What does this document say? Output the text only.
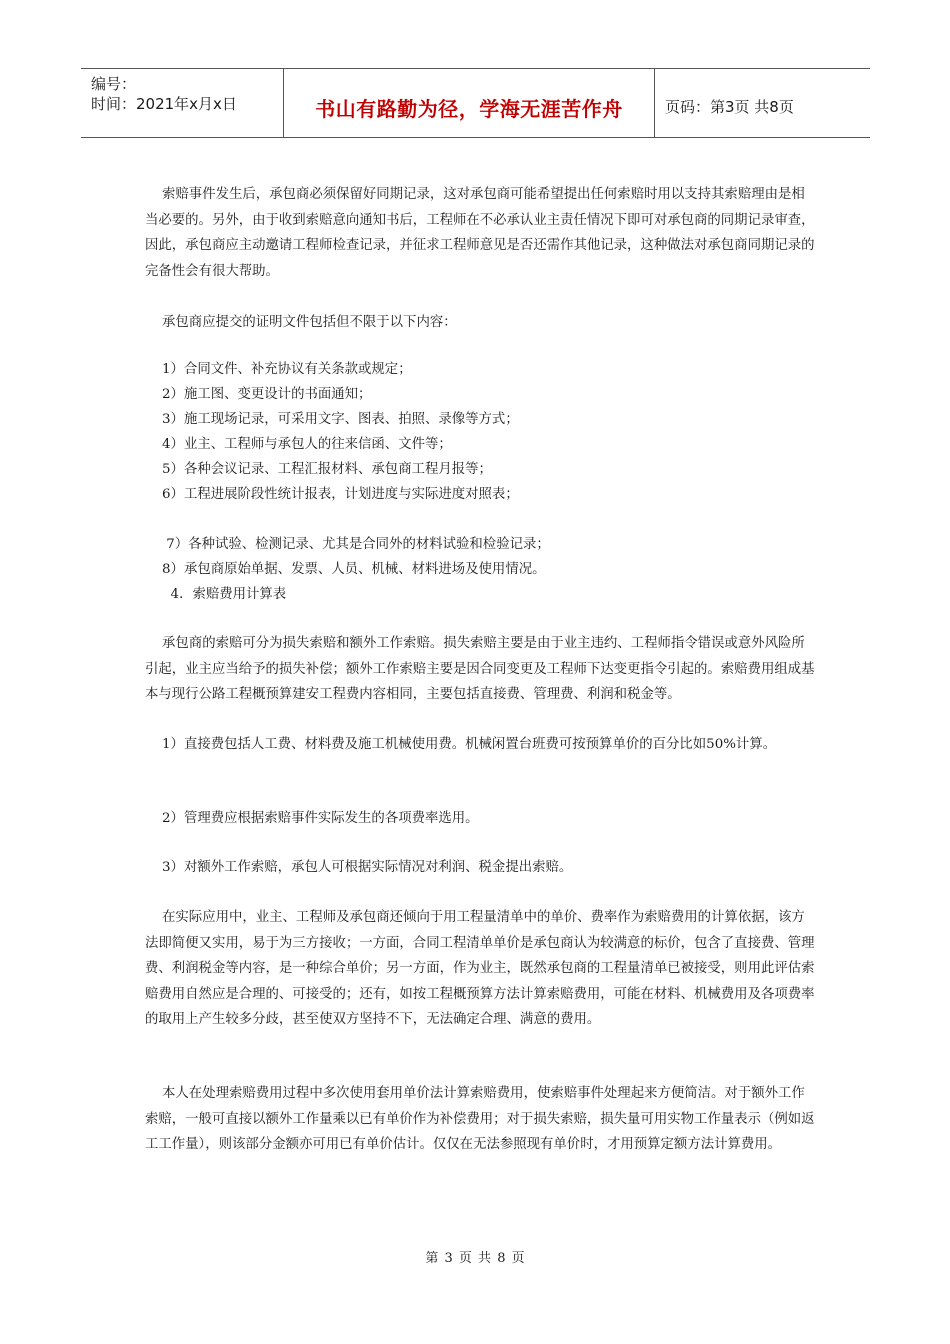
编号：
时间：2021年x月x日	书山有路勤为径，学海无涯苦作舟	页码：第3页 共8页

索赔事件发生后，承包商必须保留好同期记录，这对承包商可能希望提出任何索赔时用以支持其索赔理由是相当必要的。另外，由于收到索赔意向通知书后，工程师在不必承认业主责任情况下即可对承包商的同期记录审查，因此，承包商应主动邀请工程师检查记录，并征求工程师意见是否还需作其他记录，这种做法对承包商同期记录的完备性会有很大帮助。

承包商应提交的证明文件包括但不限于以下内容：

1）合同文件、补充协议有关条款或规定；

2）施工图、变更设计的书面通知；

3）施工现场记录，可采用文字、图表、拍照、录像等方式；

4）业主、工程师与承包人的往来信函、文件等；

5）各种会议记录、工程汇报材料、承包商工程月报等；

6）工程进展阶段性统计报表，计划进度与实际进度对照表；

7）各种试验、检测记录、尤其是合同外的材料试验和检验记录；

8）承包商原始单据、发票、人员、机械、材料进场及使用情况。

4．索赔费用计算表

承包商的索赔可分为损失索赔和额外工作索赔。损失索赔主要是由于业主违约、工程师指令错误或意外风险所引起，业主应当给予的损失补偿；额外工作索赔主要是因合同变更及工程师下达变更指令引起的。索赔费用组成基本与现行公路工程概预算建安工程费内容相同，主要包括直接费、管理费、利润和税金等。

1）直接费包括人工费、材料费及施工机械使用费。机械闲置台班费可按预算单价的百分比如50%计算。

2）管理费应根据索赔事件实际发生的各项费率选用。

3）对额外工作索赔，承包人可根据实际情况对利润、税金提出索赔。

在实际应用中，业主、工程师及承包商还倾向于用工程量清单中的单价、费率作为索赔费用的计算依据，该方法即简便又实用，易于为三方接收；一方面，合同工程清单单价是承包商认为较满意的标价，包含了直接费、管理费、利润税金等内容，是一种综合单价；另一方面，作为业主，既然承包商的工程量清单已被接受，则用此评估索赔费用自然应是合理的、可接受的；还有，如按工程概预算方法计算索赔费用，可能在材料、机械费用及各项费率的取用上产生较多分歧，甚至使双方坚持不下，无法确定合理、满意的费用。

本人在处理索赔费用过程中多次使用套用单价法计算索赔费用，使索赔事件处理起来方便简洁。对于额外工作索赔，一般可直接以额外工作量乘以已有单价作为补偿费用；对于损失索赔，损失量可用实物工作量表示（例如返工工作量），则该部分金额亦可用已有单价估计。仅仅在无法参照现有单价时，才用预算定额方法计算费用。

第 3 页 共 8 页
